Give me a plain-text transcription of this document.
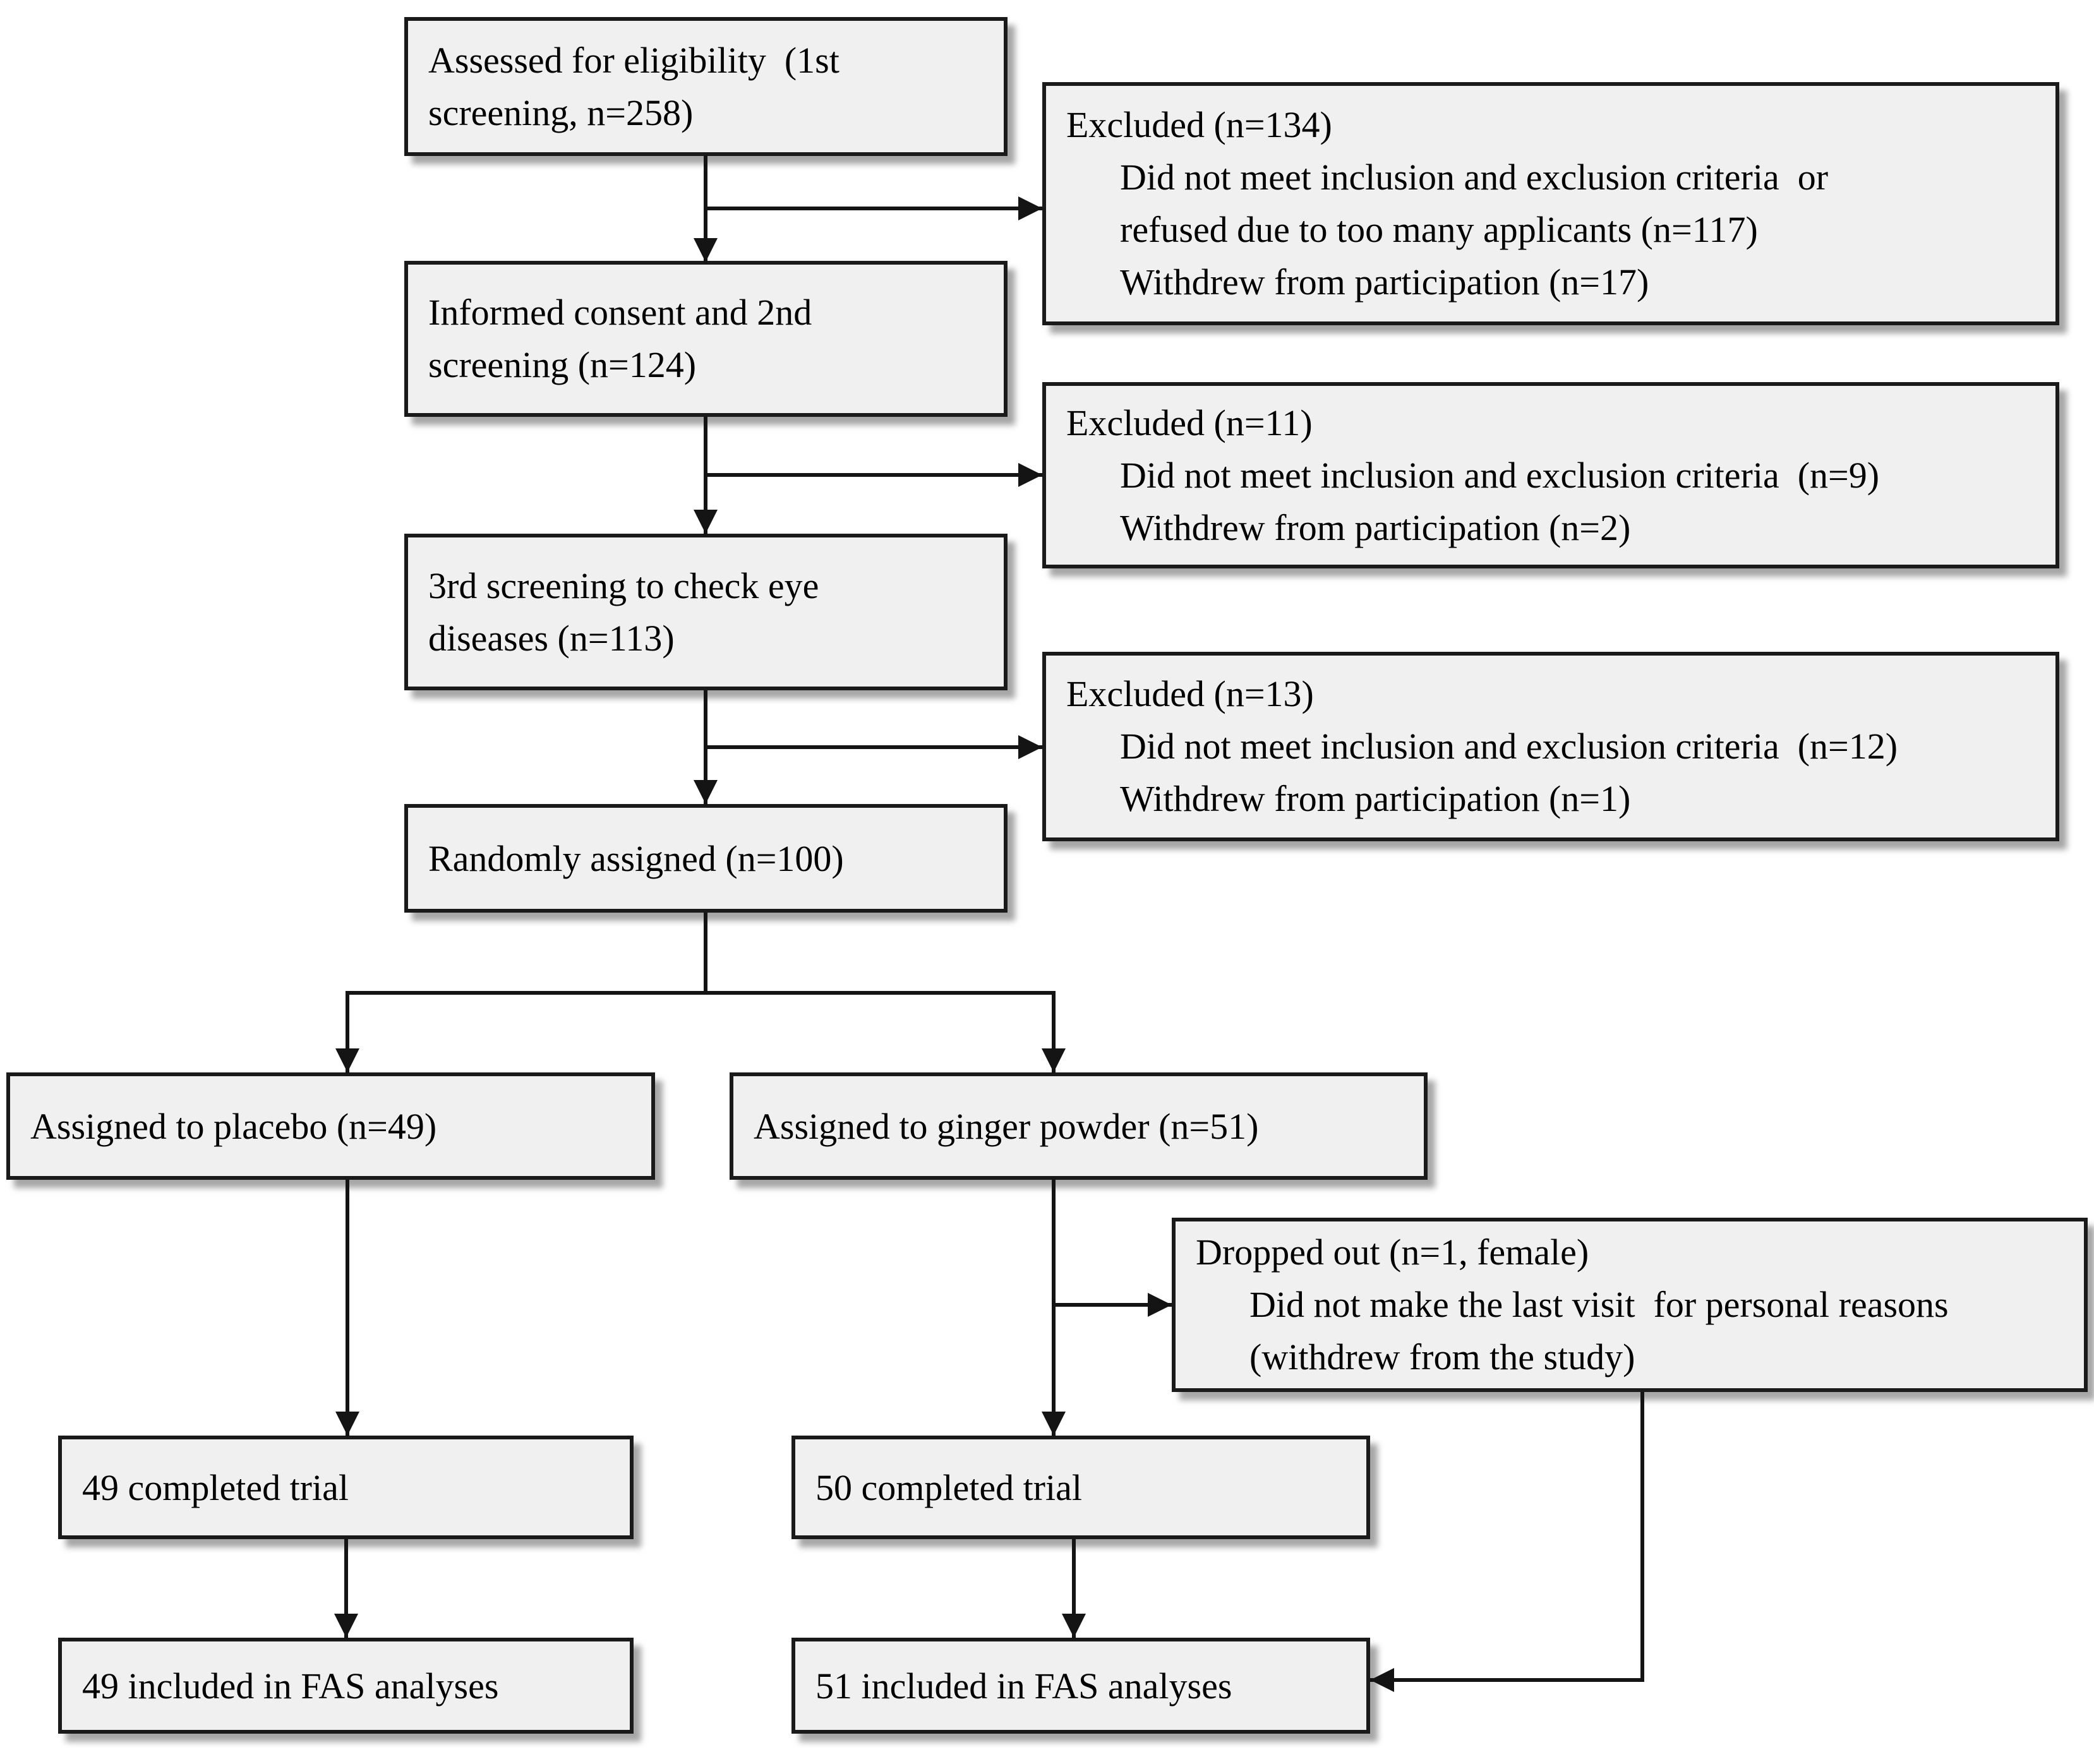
Assessed for eligibility  (1st
screening, n=258)	Excluded (n=134)
Did not meet inclusion and exclusion criteria  or
refused due to too many applicants (n=117)
Withdrew from participation (n=17)
Informed consent and 2nd
screening (n=124)
Excluded (n=11)
Did not meet inclusion and exclusion criteria  (n=9)
Withdrew from participation (n=2)
3rd screening to check eye
diseases (n=113)
Excluded (n=13)
Did not meet inclusion and exclusion criteria  (n=12)
Withdrew from participation (n=1)
Randomly assigned (n=100)
Assigned to placebo (n=49)	Assigned to ginger powder (n=51)
Dropped out (n=1, female)
Did not make the last visit  for personal reasons
(withdrew from the study)
49 completed trial	50 completed trial
49 included in FAS analyses	51 included in FAS analyses
